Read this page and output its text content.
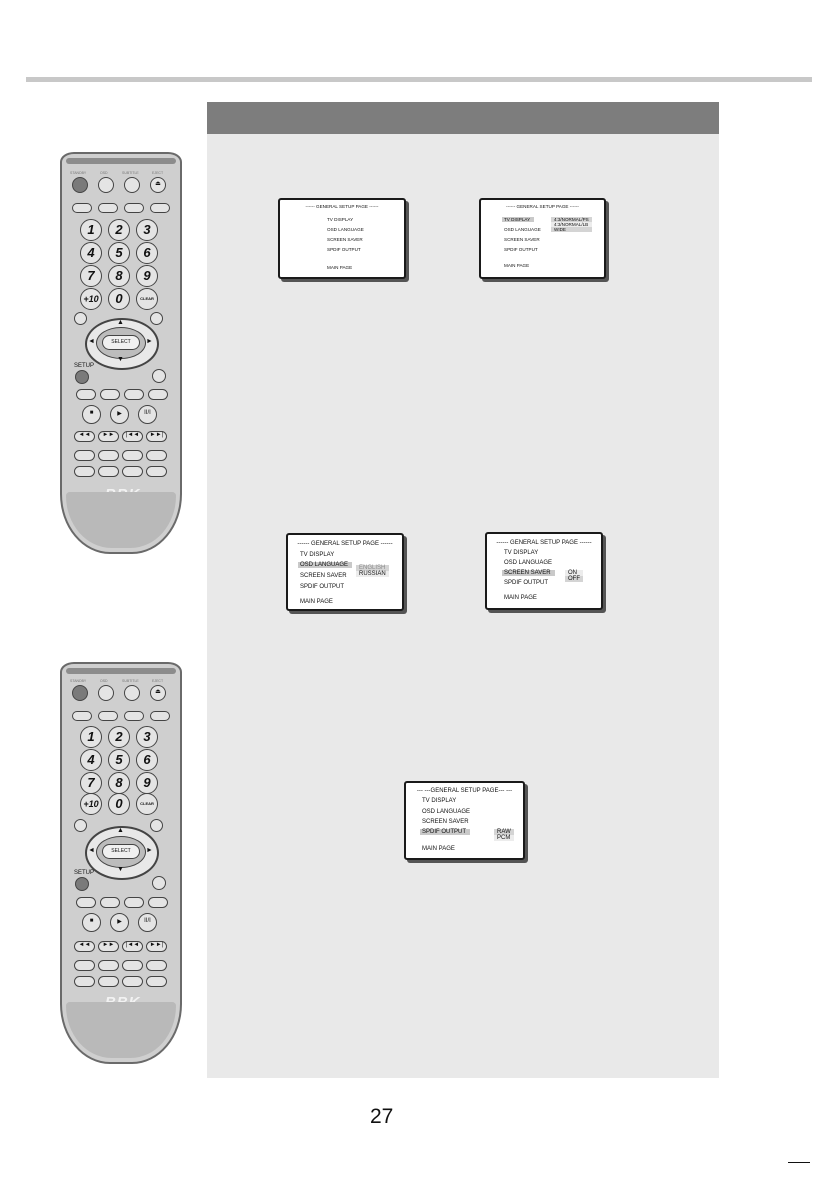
------ GENERAL SETUP PAGE ------
TV DISPLAY
OSD LANGUAGE
SCREEN SAVER
SPDIF OUTPUT
MAIN PAGE
------ GENERAL SETUP PAGE ------
TV DISPLAY
OSD LANGUAGE
SCREEN SAVER
SPDIF OUTPUT
MAIN PAGE
4:3/NORMAL/PS
4:3/NORMAL/LB
WIDE
------ GENERAL SETUP PAGE ------
TV DISPLAY
OSD LANGUAGE
SCREEN SAVER
SPDIF OUTPUT
MAIN PAGE
ENGLISH
RUSSIAN
------ GENERAL SETUP PAGE ------
TV DISPLAY
OSD LANGUAGE
SCREEN SAVER
SPDIF OUTPUT
MAIN PAGE
ON
OFF
--- ---GENERAL SETUP PAGE--- ---
TV DISPLAY
OSD LANGUAGE
SCREEN SAVER
SPDIF OUTPUT
MAIN PAGE
RAW
PCM
STANDBY	OSD	SUBTITLE	EJECT
⏏
1	2	3
4	5	6
7	8	9
+10	0	CLEAR
SELECT
▲
▼
◄	►
SETUP
■	▶	II/I
◄◄	►►	|◄◄	►►|
STANDBY	OSD	SUBTITLE	EJECT
⏏
1	2	3
4	5	6
7	8	9
+10	0	CLEAR
SELECT
▲
▼
◄	►
SETUP
■	▶	II/I
◄◄	►►	|◄◄	►►|
27
